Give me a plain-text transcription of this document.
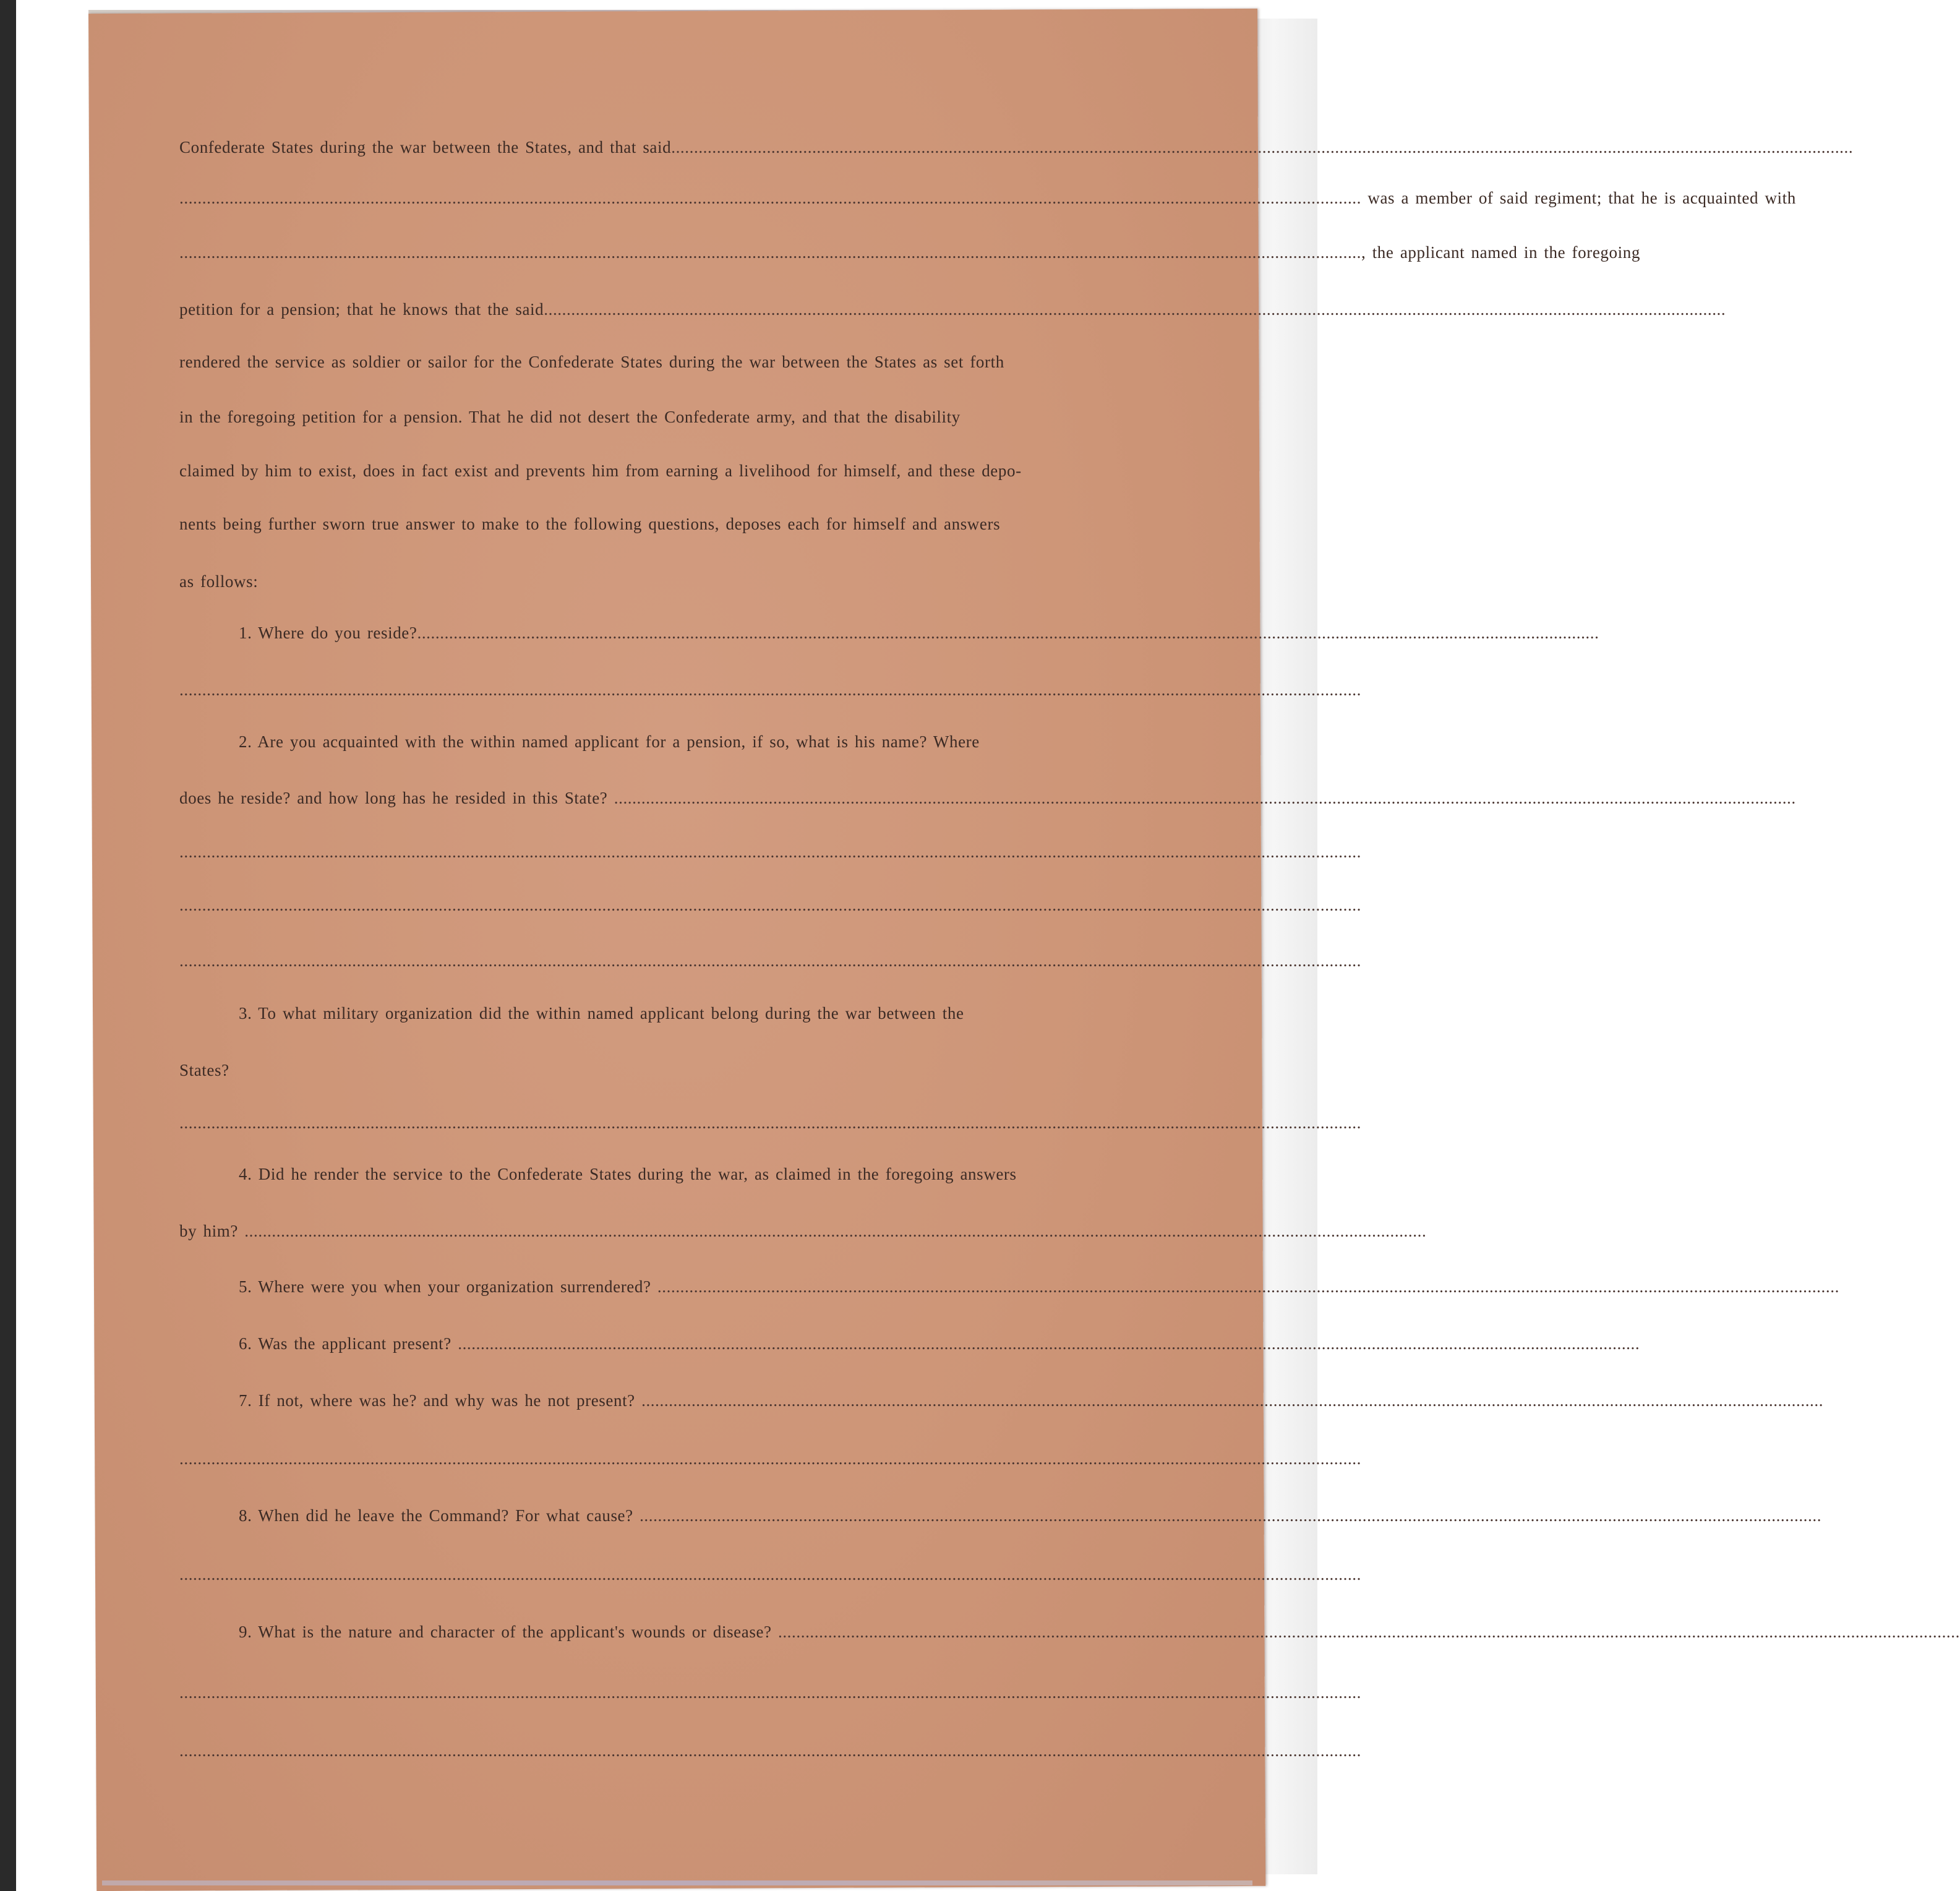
Confederate States during the war between the States, and that said....................................................................................................................................................................................................................................................................
.................................................................................................................................................................................................................................................................... was a member of said regiment; that he is acquainted with
...................................................................................................................................................................................................................................................................., the applicant named in the foregoing
petition for a pension; that he knows that the said....................................................................................................................................................................................................................................................................
rendered the service as soldier or sailor for the Confederate States during the war between the States as set forth
in the foregoing petition for a pension. That he did not desert the Confederate army, and that the disability
claimed by him to exist, does in fact exist and prevents him from earning a livelihood for himself, and these depo-
nents being further sworn true answer to make to the following questions, deposes each for himself and answers
as follows:
1. Where do you reside?....................................................................................................................................................................................................................................................................
....................................................................................................................................................................................................................................................................
2. Are you acquainted with the within named applicant for a pension, if so, what is his name? Where
does he reside? and how long has he resided in this State? ....................................................................................................................................................................................................................................................................
....................................................................................................................................................................................................................................................................
....................................................................................................................................................................................................................................................................
....................................................................................................................................................................................................................................................................
3. To what military organization did the within named applicant belong during the war between the
States?
....................................................................................................................................................................................................................................................................
4. Did he render the service to the Confederate States during the war, as claimed in the foregoing answers
by him? ....................................................................................................................................................................................................................................................................
5. Where were you when your organization surrendered? ....................................................................................................................................................................................................................................................................
6. Was the applicant present? ....................................................................................................................................................................................................................................................................
7. If not, where was he? and why was he not present? ....................................................................................................................................................................................................................................................................
....................................................................................................................................................................................................................................................................
8. When did he leave the Command? For what cause? ....................................................................................................................................................................................................................................................................
....................................................................................................................................................................................................................................................................
9. What is the nature and character of the applicant's wounds or disease? ....................................................................................................................................................................................................................................................................
....................................................................................................................................................................................................................................................................
....................................................................................................................................................................................................................................................................
